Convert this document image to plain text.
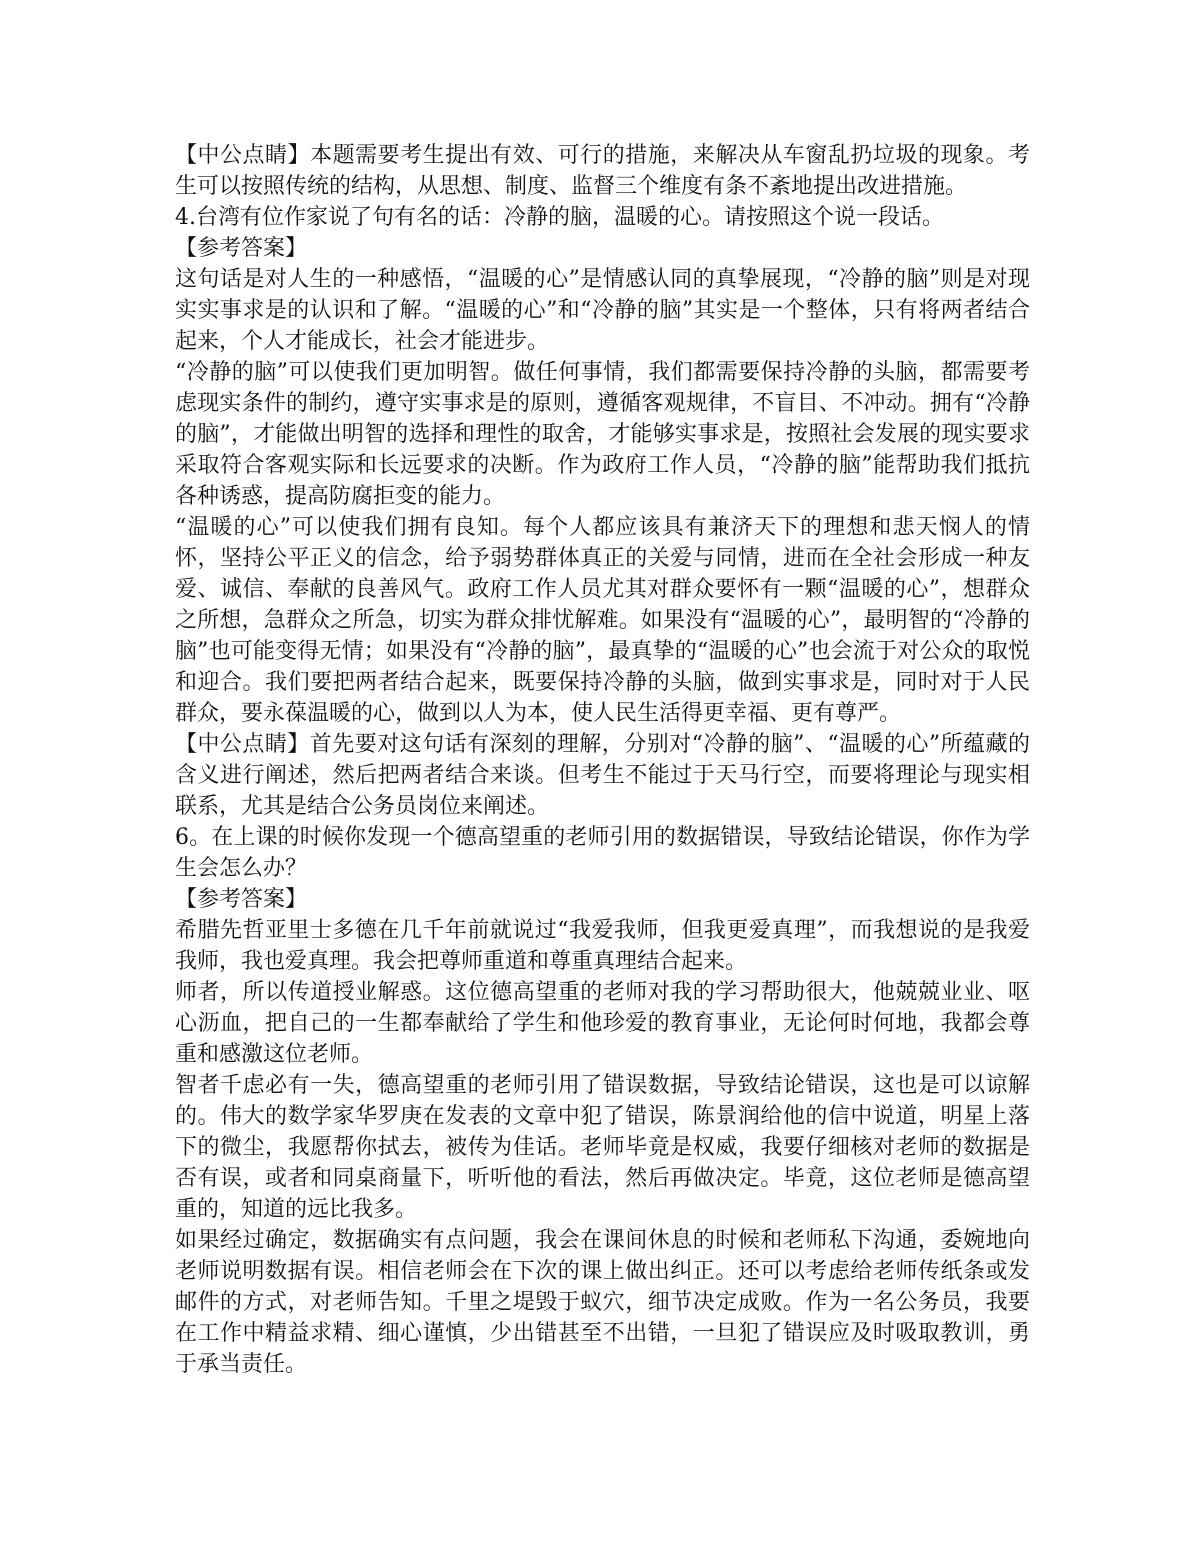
【中公点睛】本题需要考生提出有效、可行的措施，来解决从车窗乱扔垃圾的现象。考生可以按照传统的结构，从思想、制度、监督三个维度有条不紊地提出改进措施。

4.台湾有位作家说了句有名的话：冷静的脑，温暖的心。请按照这个说一段话。

【参考答案】

这句话是对人生的一种感悟，“温暖的心”是情感认同的真挚展现，“冷静的脑”则是对现实实事求是的认识和了解。“温暖的心”和“冷静的脑”其实是一个整体，只有将两者结合起来，个人才能成长，社会才能进步。

“冷静的脑”可以使我们更加明智。做任何事情，我们都需要保持冷静的头脑，都需要考虑现实条件的制约，遵守实事求是的原则，遵循客观规律，不盲目、不冲动。拥有“冷静的脑”，才能做出明智的选择和理性的取舍，才能够实事求是，按照社会发展的现实要求采取符合客观实际和长远要求的决断。作为政府工作人员，“冷静的脑”能帮助我们抵抗各种诱惑，提高防腐拒变的能力。

“温暖的心”可以使我们拥有良知。每个人都应该具有兼济天下的理想和悲天悯人的情怀，坚持公平正义的信念，给予弱势群体真正的关爱与同情，进而在全社会形成一种友爱、诚信、奉献的良善风气。政府工作人员尤其对群众要怀有一颗“温暖的心”，想群众之所想，急群众之所急，切实为群众排忧解难。如果没有“温暖的心”，最明智的“冷静的脑”也可能变得无情；如果没有“冷静的脑”，最真挚的“温暖的心”也会流于对公众的取悦和迎合。我们要把两者结合起来，既要保持冷静的头脑，做到实事求是，同时对于人民群众，要永葆温暖的心，做到以人为本，使人民生活得更幸福、更有尊严。

【中公点睛】首先要对这句话有深刻的理解，分别对“冷静的脑”、“温暖的心”所蕴藏的含义进行阐述，然后把两者结合来谈。但考生不能过于天马行空，而要将理论与现实相联系，尤其是结合公务员岗位来阐述。

6。在上课的时候你发现一个德高望重的老师引用的数据错误，导致结论错误，你作为学生会怎么办？

【参考答案】

希腊先哲亚里士多德在几千年前就说过“我爱我师，但我更爱真理”，而我想说的是我爱我师，我也爱真理。我会把尊师重道和尊重真理结合起来。

师者，所以传道授业解惑。这位德高望重的老师对我的学习帮助很大，他兢兢业业、呕心沥血，把自己的一生都奉献给了学生和他珍爱的教育事业，无论何时何地，我都会尊重和感激这位老师。

智者千虑必有一失，德高望重的老师引用了错误数据，导致结论错误，这也是可以谅解的。伟大的数学家华罗庚在发表的文章中犯了错误，陈景润给他的信中说道，明星上落下的微尘，我愿帮你拭去，被传为佳话。老师毕竟是权威，我要仔细核对老师的数据是否有误，或者和同桌商量下，听听他的看法，然后再做决定。毕竟，这位老师是德高望重的，知道的远比我多。

如果经过确定，数据确实有点问题，我会在课间休息的时候和老师私下沟通，委婉地向老师说明数据有误。相信老师会在下次的课上做出纠正。还可以考虑给老师传纸条或发邮件的方式，对老师告知。千里之堤毁于蚁穴，细节决定成败。作为一名公务员，我要在工作中精益求精、细心谨慎，少出错甚至不出错，一旦犯了错误应及时吸取教训，勇于承当责任。
